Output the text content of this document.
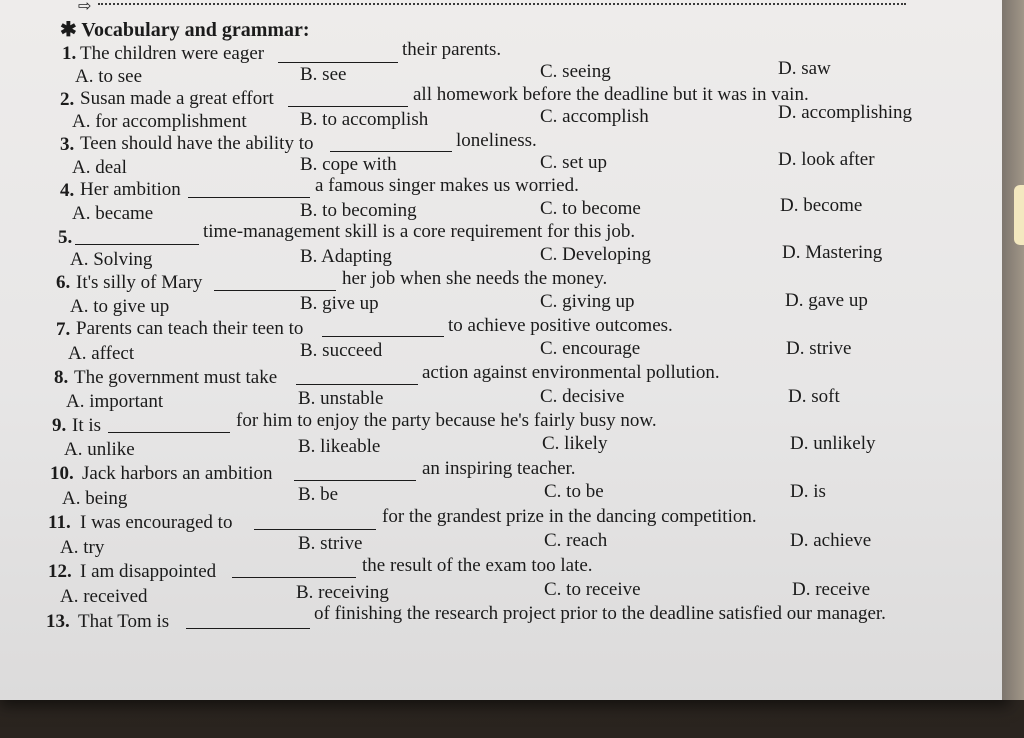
⇨
✱ Vocabulary and grammar:
1. The children were eager	their parents.
A. to see	B. see	C. seeing	D. saw
2. Susan made a great effort	all homework before the deadline but it was in vain.
A. for accomplishment	B. to accomplish	C. accomplish	D. accomplishing
3. Teen should have the ability to	loneliness.
A. deal	B. cope with	C. set up	D. look after
4. Her ambition	a famous singer makes us worried.
A. became	B. to becoming	C. to become	D. become
5.	time-management skill is a core requirement for this job.
A. Solving	B. Adapting	C. Developing	D. Mastering
6. It's silly of Mary	her job when she needs the money.
A. to give up	B. give up	C. giving up	D. gave up
7. Parents can teach their teen to	to achieve positive outcomes.
A. affect	B. succeed	C. encourage	D. strive
8. The government must take	action against environmental pollution.
A. important	B. unstable	C. decisive	D. soft
9. It is	for him to enjoy the party because he's fairly busy now.
A. unlike	B. likeable	C. likely	D. unlikely
10. Jack harbors an ambition	an inspiring teacher.
A. being	B. be	C. to be	D. is
11. I was encouraged to	for the grandest prize in the dancing competition.
A. try	B. strive	C. reach	D. achieve
12. I am disappointed	the result of the exam too late.
A. received	B. receiving	C. to receive	D. receive
13. That Tom is	of finishing the research project prior to the deadline satisfied our manager.
